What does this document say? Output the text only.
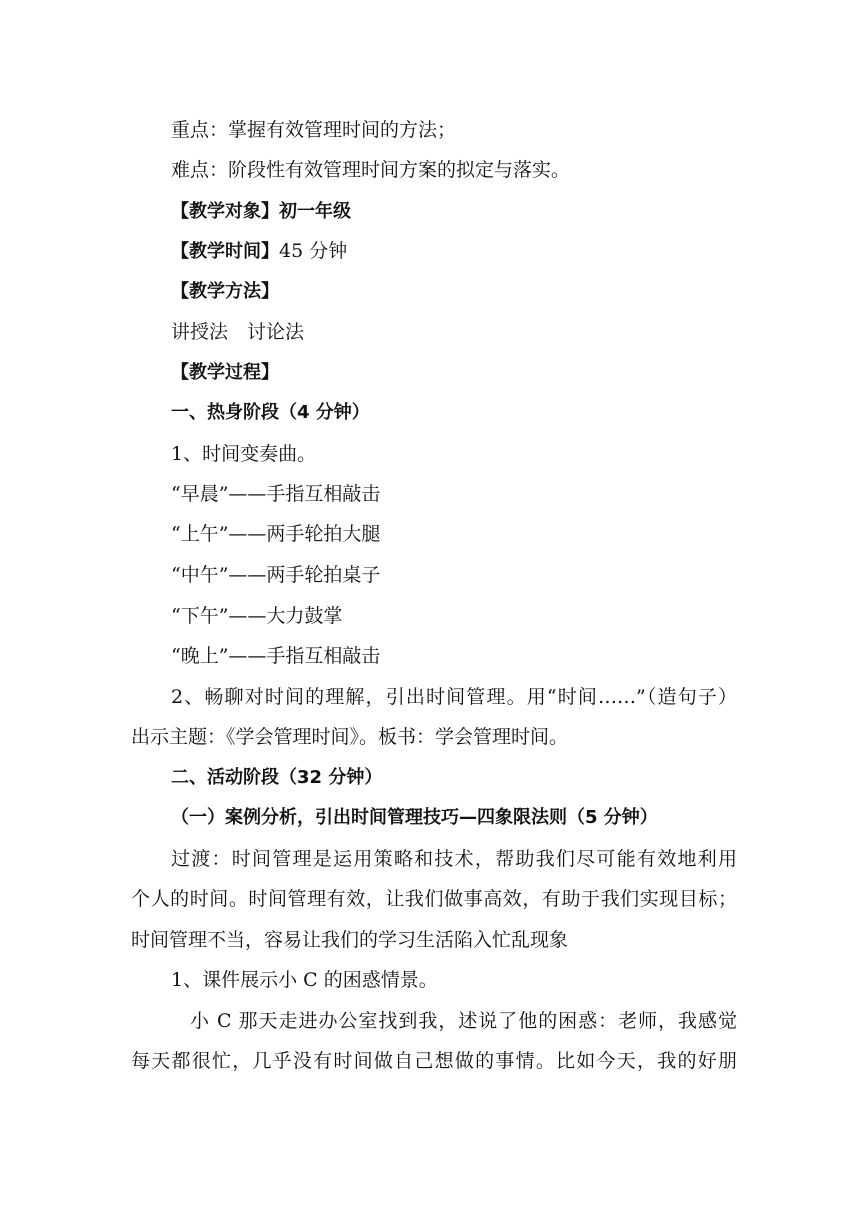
重点：掌握有效管理时间的方法；
难点：阶段性有效管理时间方案的拟定与落实。
【教学对象】初一年级
【教学时间】45 分钟
【教学方法】
讲授法　讨论法
【教学过程】
一、热身阶段（4 分钟）
1、时间变奏曲。
“早晨”——手指互相敲击
“上午”——两手轮拍大腿
“中午”——两手轮拍桌子
“下午”——大力鼓掌
“晚上”——手指互相敲击
2、畅聊对时间的理解，引出时间管理。用“时间……”（造句子）
出示主题：《学会管理时间》。板书：学会管理时间。
二、活动阶段（32 分钟）
（一）案例分析，引出时间管理技巧—四象限法则（5 分钟）
过渡：时间管理是运用策略和技术，帮助我们尽可能有效地利用
个人的时间。时间管理有效，让我们做事高效，有助于我们实现目标；
时间管理不当，容易让我们的学习生活陷入忙乱现象
1、课件展示小 C 的困惑情景。
小 C 那天走进办公室找到我，述说了他的困惑：老师，我感觉
每天都很忙，几乎没有时间做自己想做的事情。比如今天，我的好朋
